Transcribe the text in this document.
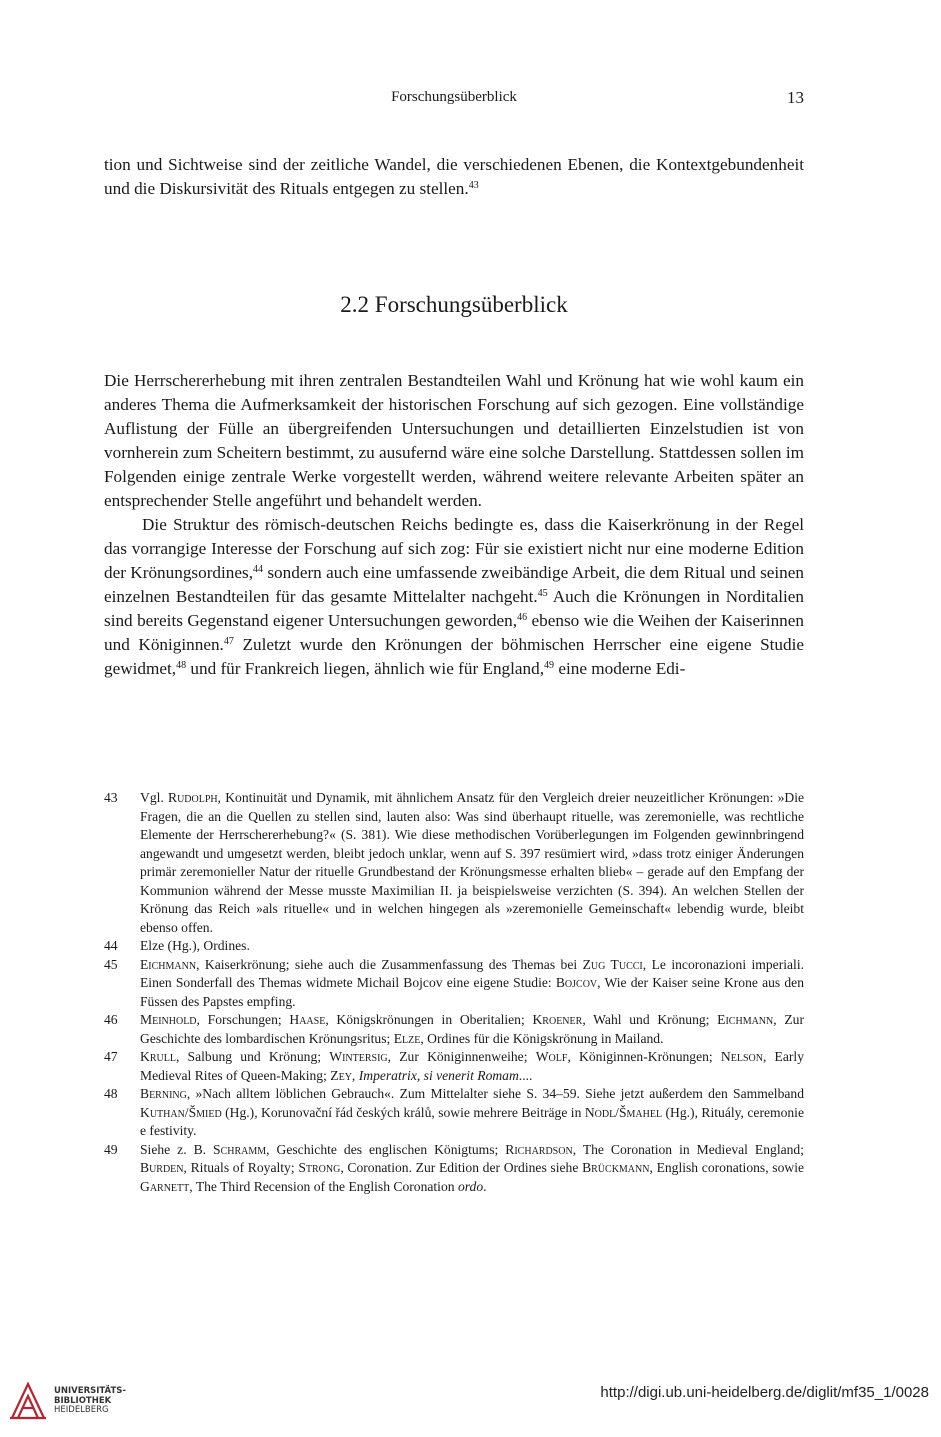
Forschungsüberblick	13

tion und Sichtweise sind der zeitliche Wandel, die verschiedenen Ebenen, die Kontextgebundenheit und die Diskursivität des Rituals entgegen zu stellen.$^{43}$

2.2 Forschungsüberblick

Die Herrschererhebung mit ihren zentralen Bestandteilen Wahl und Krönung hat wie wohl kaum ein anderes Thema die Aufmerksamkeit der historischen Forschung auf sich gezogen. Eine vollständige Auflistung der Fülle an übergreifenden Untersuchungen und detaillierten Einzelstudien ist von vornherein zum Scheitern bestimmt, zu ausufernd wäre eine solche Darstellung. Stattdessen sollen im Folgenden einige zentrale Werke vorgestellt werden, während weitere relevante Arbeiten später an entsprechender Stelle angeführt und behandelt werden.

Die Struktur des römisch-deutschen Reichs bedingte es, dass die Kaiserkrönung in der Regel das vorrangige Interesse der Forschung auf sich zog: Für sie existiert nicht nur eine moderne Edition der Krönungsordines,$^{44}$ sondern auch eine umfassende zweibändige Arbeit, die dem Ritual und seinen einzelnen Bestandteilen für das gesamte Mittelalter nachgeht.$^{45}$ Auch die Krönungen in Norditalien sind bereits Gegenstand eigener Untersuchungen geworden,$^{46}$ ebenso wie die Weihen der Kaiserinnen und Königinnen.$^{47}$ Zuletzt wurde den Krönungen der böhmischen Herrscher eine eigene Studie gewidmet,$^{48}$ und für Frankreich liegen, ähnlich wie für England,$^{49}$ eine moderne Edi-

43 Vgl. Rudolph, Kontinuität und Dynamik, mit ähnlichem Ansatz für den Vergleich dreier neuzeitlicher Krönungen: »Die Fragen, die an die Quellen zu stellen sind, lauten also: Was sind überhaupt rituelle, was zeremonielle, was rechtliche Elemente der Herrschererhebung?« (S. 381). Wie diese methodischen Vorüberlegungen im Folgenden gewinnbringend angewandt und umgesetzt werden, bleibt jedoch unklar, wenn auf S. 397 resümiert wird, »dass trotz einiger Änderungen primär zeremonieller Natur der rituelle Grundbestand der Krönungsmesse erhalten blieb« – gerade auf den Empfang der Kommunion während der Messe musste Maximilian II. ja beispielsweise verzichten (S. 394). An welchen Stellen der Krönung das Reich »als rituelle« und in welchen hingegen als »zeremonielle Gemeinschaft« lebendig wurde, bleibt ebenso offen.
44 Elze (Hg.), Ordines.
45 Eichmann, Kaiserkrönung; siehe auch die Zusammenfassung des Themas bei Zug Tucci, Le incoronazioni imperiali. Einen Sonderfall des Themas widmete Michail Bojcov eine eigene Studie: Bojcov, Wie der Kaiser seine Krone aus den Füssen des Papstes empfing.
46 Meinhold, Forschungen; Haase, Königskrönungen in Oberitalien; Kroener, Wahl und Krönung; Eichmann, Zur Geschichte des lombardischen Krönungsritus; Elze, Ordines für die Königskrönung in Mailand.
47 Krull, Salbung und Krönung; Wintersig, Zur Königinnenweihe; Wolf, Königinnen-Krönungen; Nelson, Early Medieval Rites of Queen-Making; Zey, Imperatrix, si venerit Romam....
48 Berning, »Nach alltem löblichen Gebrauch«. Zum Mittelalter siehe S. 34–59. Siehe jetzt außerdem den Sammelband Kuthan/Šmied (Hg.), Korunovační řád českých králů, sowie mehrere Beiträge in Nodl/Šmahel (Hg.), Rituály, ceremonie e festivity.
49 Siehe z. B. Schramm, Geschichte des englischen Königtums; Richardson, The Coronation in Medieval England; Burden, Rituals of Royalty; Strong, Coronation. Zur Edition der Ordines siehe Brückmann, English coronations, sowie Garnett, The Third Recension of the English Coronation ordo.
UNIVERSITÄTS-
BIBLIOTHEK
HEIDELBERG
http://digi.ub.uni-heidelberg.de/diglit/mf35_1/0028
